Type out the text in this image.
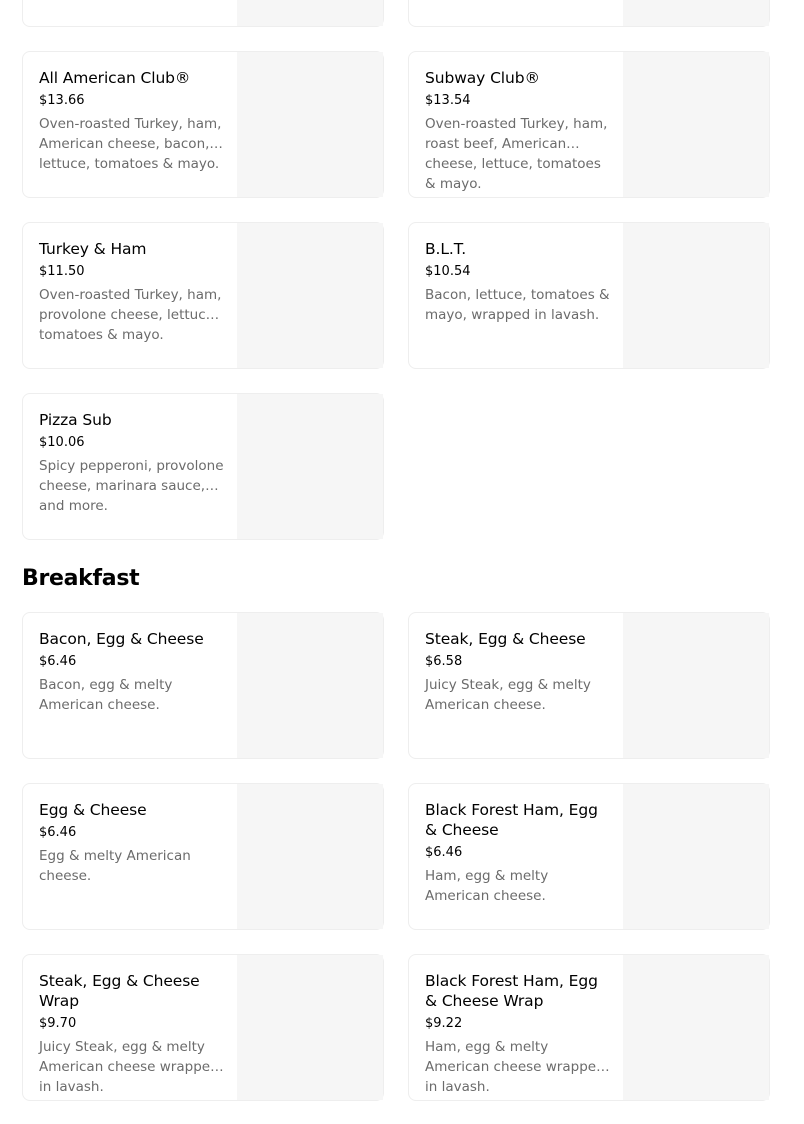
All American Club®
$13.66
Oven-roasted Turkey, ham, American cheese, bacon, lettuce, tomatoes & mayo.
Subway Club®
$13.54
Oven-roasted Turkey, ham, roast beef, American cheese, lettuce, tomatoes & mayo.
Turkey & Ham
$11.50
Oven-roasted Turkey, ham, provolone cheese, lettuce, tomatoes & mayo.
B.L.T.
$10.54
Bacon, lettuce, tomatoes & mayo, wrapped in lavash.
Pizza Sub
$10.06
Spicy pepperoni, provolone cheese, marinara sauce, and more.
Breakfast
Bacon, Egg & Cheese
$6.46
Bacon, egg & melty American cheese.
Steak, Egg & Cheese
$6.58
Juicy Steak, egg & melty American cheese.
Egg & Cheese
$6.46
Egg & melty American cheese.
Black Forest Ham, Egg & Cheese
$6.46
Ham, egg & melty American cheese.
Steak, Egg & Cheese Wrap
$9.70
Juicy Steak, egg & melty American cheese wrapped in lavash.
Black Forest Ham, Egg & Cheese Wrap
$9.22
Ham, egg & melty American cheese wrapped in lavash.
